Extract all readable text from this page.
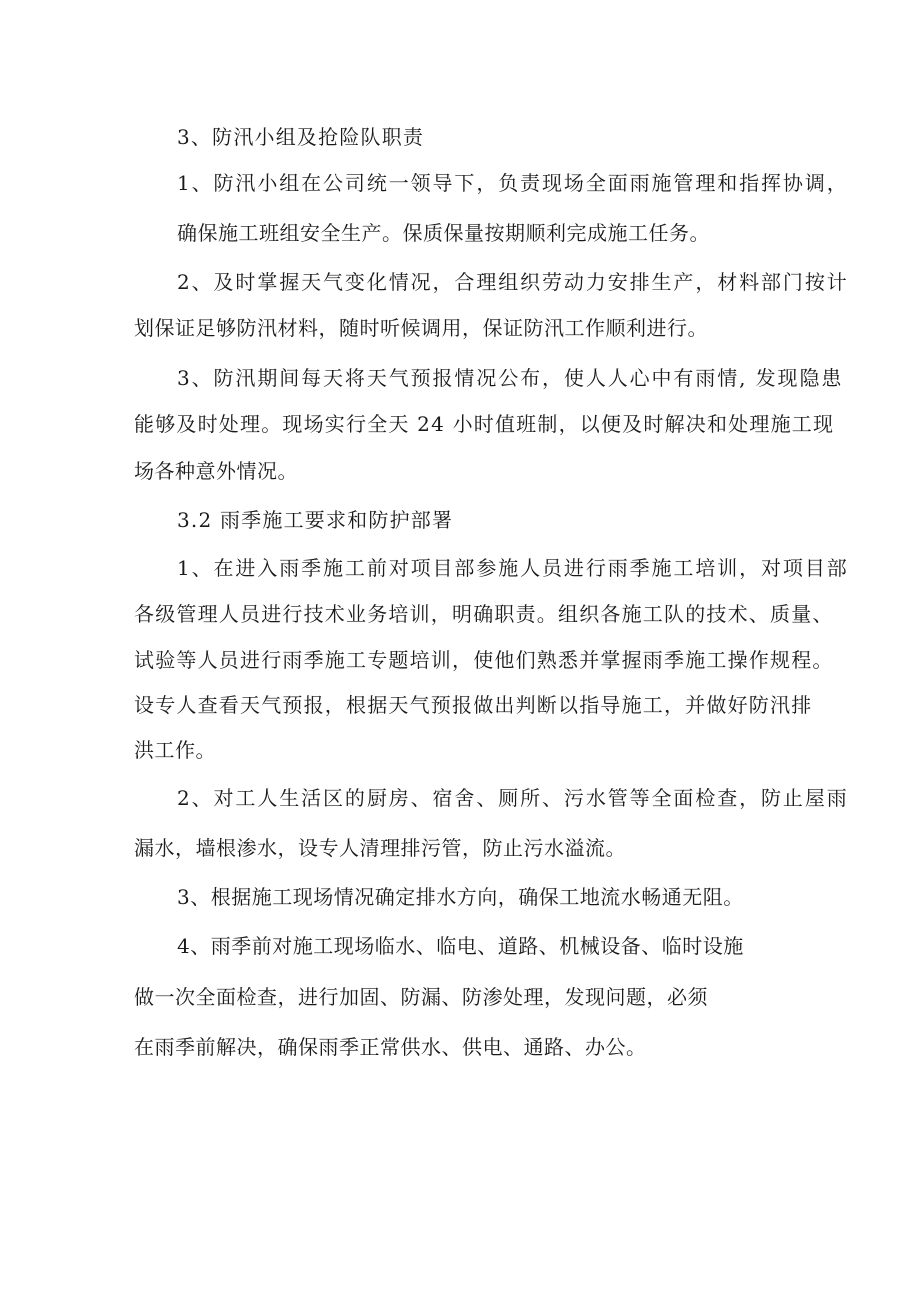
3、防汛小组及抢险队职责
1、防汛小组在公司统一领导下，负责现场全面雨施管理和指挥协调，
确保施工班组安全生产。保质保量按期顺利完成施工任务。
2、及时掌握天气变化情况，合理组织劳动力安排生产，材料部门按计
划保证足够防汛材料，随时听候调用，保证防汛工作顺利进行。
3、防汛期间每天将天气预报情况公布，使人人心中有雨情, 发现隐患
能够及时处理。现场实行全天 24 小时值班制，以便及时解决和处理施工现
场各种意外情况。
3.2 雨季施工要求和防护部署
1、在进入雨季施工前对项目部参施人员进行雨季施工培训，对项目部
各级管理人员进行技术业务培训，明确职责。组织各施工队的技术、质量、
试验等人员进行雨季施工专题培训，使他们熟悉并掌握雨季施工操作规程。
设专人查看天气预报，根据天气预报做出判断以指导施工，并做好防汛排
洪工作。
2、对工人生活区的厨房、宿舍、厕所、污水管等全面检查，防止屋雨
漏水，墙根渗水，设专人清理排污管，防止污水溢流。
3、根据施工现场情况确定排水方向，确保工地流水畅通无阻。
4、雨季前对施工现场临水、临电、道路、机械设备、临时设施
做一次全面检查，进行加固、防漏、防渗处理，发现问题，必须
在雨季前解决，确保雨季正常供水、供电、通路、办公。
